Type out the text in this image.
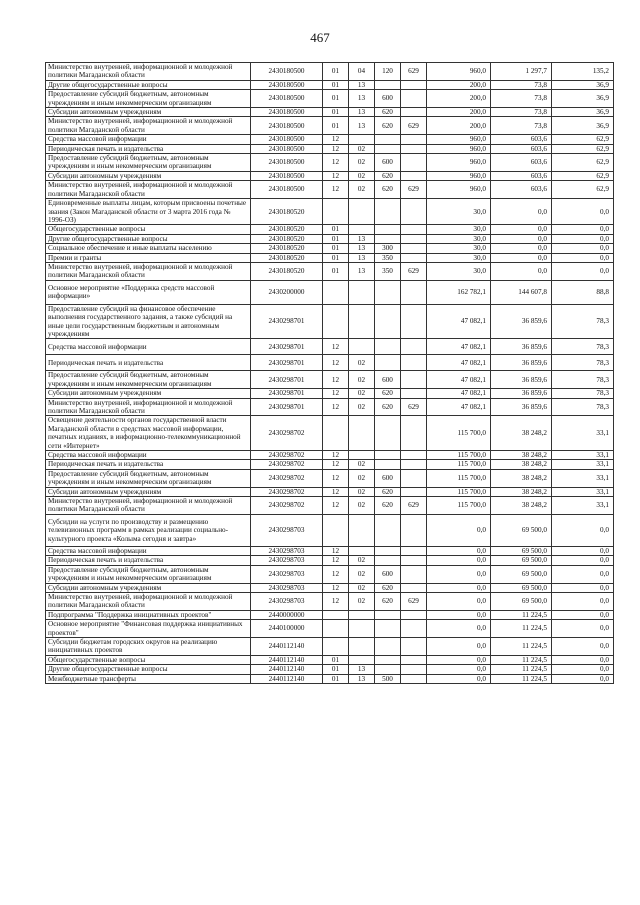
467
Министерство внутренней, информационной и молодежной политики Магаданской области	2430180500	01	04	120	629	960,0	1 297,7	135,2
Другие общегосударственные вопросы	2430180500	01	13			200,0	73,8	36,9
Предоставление субсидий бюджетным, автономным учреждениям и иным некоммерческим организациям	2430180500	01	13	600		200,0	73,8	36,9
Субсидии автономным учреждениям	2430180500	01	13	620		200,0	73,8	36,9
Министерство внутренней, информационной и молодежной политики Магаданской области	2430180500	01	13	620	629	200,0	73,8	36,9
Средства массовой информации	2430180500	12				960,0	603,6	62,9
Периодическая печать и издательства	2430180500	12	02			960,0	603,6	62,9
Предоставление субсидий бюджетным, автономным учреждениям и иным некоммерческим организациям	2430180500	12	02	600		960,0	603,6	62,9
Субсидии автономным учреждениям	2430180500	12	02	620		960,0	603,6	62,9
Министерство внутренней, информационной и молодежной политики Магаданской области	2430180500	12	02	620	629	960,0	603,6	62,9
Единовременные выплаты лицам, которым присвоены почетные звания (Закон Магаданской области от 3 марта 2016 года № 1996-ОЗ)	2430180520					30,0	0,0	0,0
Общегосударственные вопросы	2430180520	01				30,0	0,0	0,0
Другие общегосударственные вопросы	2430180520	01	13			30,0	0,0	0,0
Социальное обеспечение и иные выплаты населению	2430180520	01	13	300		30,0	0,0	0,0
Премии и гранты	2430180520	01	13	350		30,0	0,0	0,0
Министерство внутренней, информационной и молодежной политики Магаданской области	2430180520	01	13	350	629	30,0	0,0	0,0
Основное мероприятие «Поддержка средств массовой информации»	2430200000					162 782,1	144 607,8	88,8
Предоставление субсидий на финансовое обеспечение выполнения государственного задания, а также субсидий на иные цели государственным бюджетным и автономным учреждениям	2430298701					47 082,1	36 859,6	78,3
Средства массовой информации	2430298701	12				47 082,1	36 859,6	78,3
Периодическая печать и издательства	2430298701	12	02			47 082,1	36 859,6	78,3
Предоставление субсидий бюджетным, автономным учреждениям и иным некоммерческим организациям	2430298701	12	02	600		47 082,1	36 859,6	78,3
Субсидии автономным учреждениям	2430298701	12	02	620		47 082,1	36 859,6	78,3
Министерство внутренней, информационной и молодежной политики Магаданской области	2430298701	12	02	620	629	47 082,1	36 859,6	78,3
Освещение деятельности органов государственной власти Магаданской области в средствах массовой информации, печатных изданиях, в информационно-телекоммуникационной сети «Интернет»	2430298702					115 700,0	38 248,2	33,1
Средства массовой информации	2430298702	12				115 700,0	38 248,2	33,1
Периодическая печать и издательства	2430298702	12	02			115 700,0	38 248,2	33,1
Предоставление субсидий бюджетным, автономным учреждениям и иным некоммерческим организациям	2430298702	12	02	600		115 700,0	38 248,2	33,1
Субсидии автономным учреждениям	2430298702	12	02	620		115 700,0	38 248,2	33,1
Министерство внутренней, информационной и молодежной политики Магаданской области	2430298702	12	02	620	629	115 700,0	38 248,2	33,1
Субсидии на услуги по производству и размещению телевизионных программ в рамках реализации социально-культурного проекта «Колыма сегодня и завтра»	2430298703					0,0	69 500,0	0,0
Средства массовой информации	2430298703	12				0,0	69 500,0	0,0
Периодическая печать и издательства	2430298703	12	02			0,0	69 500,0	0,0
Предоставление субсидий бюджетным, автономным учреждениям и иным некоммерческим организациям	2430298703	12	02	600		0,0	69 500,0	0,0
Субсидии автономным учреждениям	2430298703	12	02	620		0,0	69 500,0	0,0
Министерство внутренней, информационной и молодежной политики Магаданской области	2430298703	12	02	620	629	0,0	69 500,0	0,0
Подпрограмма "Поддержка инициативных проектов"	2440000000					0,0	11 224,5	0,0
Основное мероприятие "Финансовая поддержка инициативных проектов"	2440100000					0,0	11 224,5	0,0
Субсидии бюджетам городских округов на реализацию инициативных проектов	2440112140					0,0	11 224,5	0,0
Общегосударственные вопросы	2440112140	01				0,0	11 224,5	0,0
Другие общегосударственные вопросы	2440112140	01	13			0,0	11 224,5	0,0
Межбюджетные трансферты	2440112140	01	13	500		0,0	11 224,5	0,0
